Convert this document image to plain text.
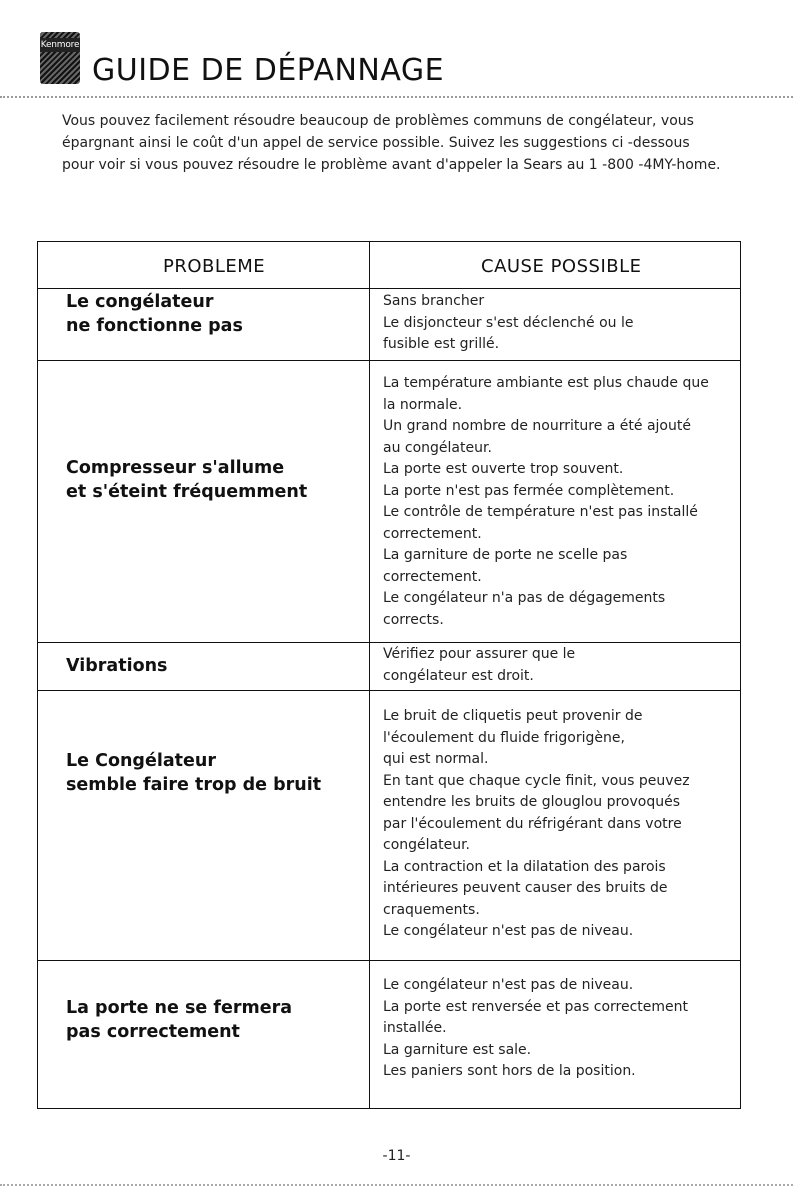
Kenmore
GUIDE DE DÉPANNAGE
Vous pouvez facilement résoudre beaucoup de problèmes communs de congélateur, vous
épargnant ainsi le coût d'un appel de service possible. Suivez les suggestions ci -dessous
pour voir si vous pouvez résoudre le problème avant d'appeler la Sears au 1 -800 -4MY-home.
PROBLEME	CAUSE POSSIBLE
Le congélateur
ne fonctionne pas
Sans brancher
Le disjoncteur s'est déclenché ou le
fusible est grillé.
Compresseur s'allume
et s'éteint fréquemment
La température ambiante est plus chaude que
la normale.
Un grand nombre de nourriture a été ajouté
au congélateur.
La porte est ouverte trop souvent.
La porte n'est pas fermée complètement.
Le contrôle de température n'est pas installé
correctement.
La garniture de porte ne scelle pas
correctement.
Le congélateur n'a pas de dégagements
corrects.
Vibrations
Vérifiez pour assurer que le
congélateur est droit.
Le Congélateur
semble faire trop de bruit
Le bruit de cliquetis peut provenir de
l'écoulement du fluide frigorigène,
qui est normal.
En tant que chaque cycle finit, vous peuvez
entendre les bruits de glouglou provoqués
par l'écoulement du réfrigérant dans votre
congélateur.
La contraction et la dilatation des parois
intérieures peuvent causer des bruits de
craquements.
Le congélateur n'est pas de niveau.
La porte ne se fermera
pas correctement
Le congélateur n'est pas de niveau.
La porte est renversée et pas correctement
installée.
La garniture est sale.
Les paniers sont hors de la position.
-11-
